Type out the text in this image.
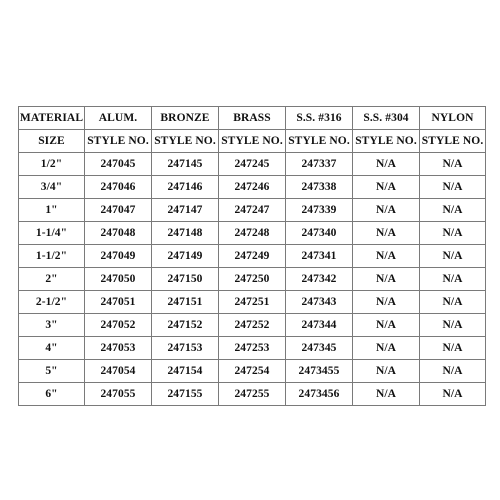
MATERIAL	ALUM.	BRONZE	BRASS	S.S. #316	S.S. #304	NYLON
SIZE	STYLE NO.	STYLE NO.	STYLE NO.	STYLE NO.	STYLE NO.	STYLE NO.
1/2"	247045	247145	247245	247337	N/A	N/A
3/4"	247046	247146	247246	247338	N/A	N/A
1"	247047	247147	247247	247339	N/A	N/A
1-1/4"	247048	247148	247248	247340	N/A	N/A
1-1/2"	247049	247149	247249	247341	N/A	N/A
2"	247050	247150	247250	247342	N/A	N/A
2-1/2"	247051	247151	247251	247343	N/A	N/A
3"	247052	247152	247252	247344	N/A	N/A
4"	247053	247153	247253	247345	N/A	N/A
5"	247054	247154	247254	2473455	N/A	N/A
6"	247055	247155	247255	2473456	N/A	N/A
